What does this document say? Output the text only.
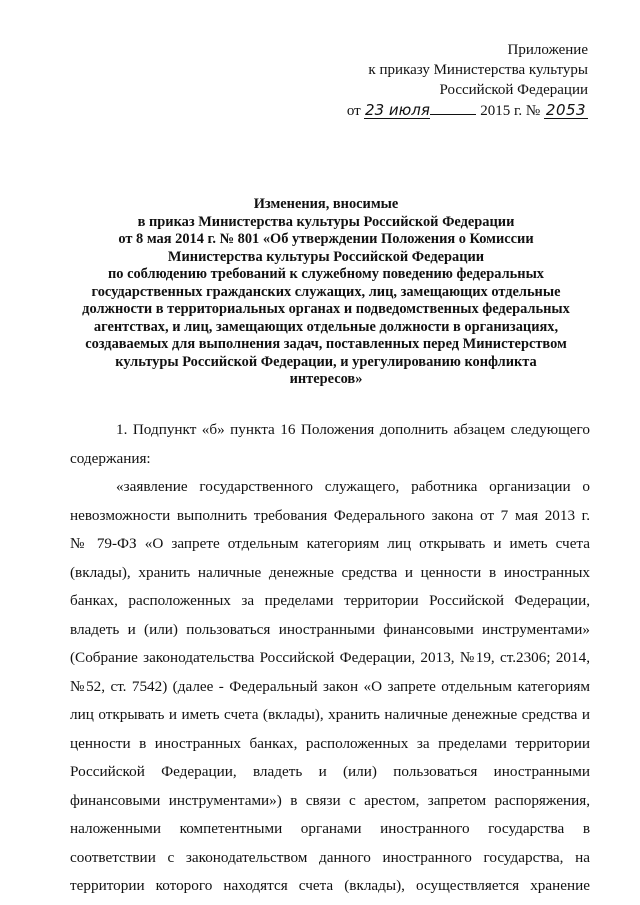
Приложение
к приказу Министерства культуры
Российской Федерации
от 23 июля	2015 г. № 2053
Изменения, вносимые
в приказ Министерства культуры Российской Федерации
от 8 мая 2014 г. № 801 «Об утверждении Положения о Комиссии
Министерства культуры Российской Федерации
по соблюдению требований к служебному поведению федеральных
государственных гражданских служащих, лиц, замещающих отдельные
должности в территориальных органах и подведомственных федеральных
агентствах, и лиц, замещающих отдельные должности в организациях,
создаваемых для выполнения задач, поставленных перед Министерством
культуры Российской Федерации, и урегулированию конфликта
интересов»
1. Подпункт «б» пункта 16 Положения дополнить абзацем следующего
содержания:
«заявление государственного служащего, работника организации о
невозможности выполнить требования Федерального закона от 7 мая 2013 г.
№ 79-ФЗ «О запрете отдельным категориям лиц открывать и иметь счета
(вклады), хранить наличные денежные средства и ценности в иностранных
банках, расположенных за пределами территории Российской Федерации,
владеть и (или) пользоваться иностранными финансовыми инструментами»
(Собрание законодательства Российской Федерации, 2013, №19, ст.2306; 2014,
№52, ст. 7542) (далее - Федеральный закон «О запрете отдельным категориям
лиц открывать и иметь счета (вклады), хранить наличные денежные средства и
ценности в иностранных банках, расположенных за пределами территории
Российской Федерации, владеть и (или) пользоваться иностранными
финансовыми инструментами») в связи с арестом, запретом распоряжения,
наложенными компетентными органами иностранного государства в
соответствии с законодательством данного иностранного государства, на
территории которого находятся счета (вклады), осуществляется хранение
